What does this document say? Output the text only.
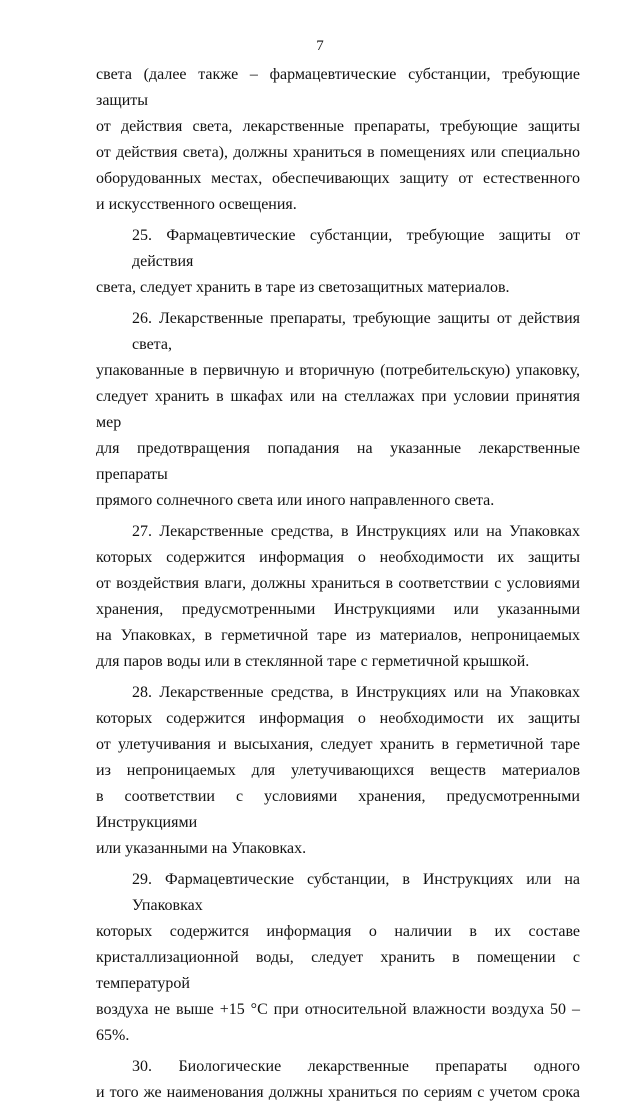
7

света (далее также – фармацевтические субстанции, требующие защиты
от действия света, лекарственные препараты, требующие защиты
от действия света), должны храниться в помещениях или специально
оборудованных местах, обеспечивающих защиту от естественного
и искусственного освещения.

25. Фармацевтические субстанции, требующие защиты от действия
света, следует хранить в таре из светозащитных материалов.

26. Лекарственные препараты, требующие защиты от действия света,
упакованные в первичную и вторичную (потребительскую) упаковку,
следует хранить в шкафах или на стеллажах при условии принятия мер
для предотвращения попадания на указанные лекарственные препараты
прямого солнечного света или иного направленного света.

27. Лекарственные средства, в Инструкциях или на Упаковках
которых содержится информация о необходимости их защиты
от воздействия влаги, должны храниться в соответствии с условиями
хранения, предусмотренными Инструкциями или указанными
на Упаковках, в герметичной таре из материалов, непроницаемых
для паров воды или в стеклянной таре с герметичной крышкой.

28. Лекарственные средства, в Инструкциях или на Упаковках
которых содержится информация о необходимости их защиты
от улетучивания и высыхания, следует хранить в герметичной таре
из непроницаемых для улетучивающихся веществ материалов
в соответствии с условиями хранения, предусмотренными Инструкциями
или указанными на Упаковках.

29. Фармацевтические субстанции, в Инструкциях или на Упаковках
которых содержится информация о наличии в их составе
кристаллизационной воды, следует хранить в помещении с температурой
воздуха не выше +15 °С при относительной влажности воздуха 50 – 65%.

30. Биологические лекарственные препараты одного
и того же наименования должны храниться по сериям с учетом срока
